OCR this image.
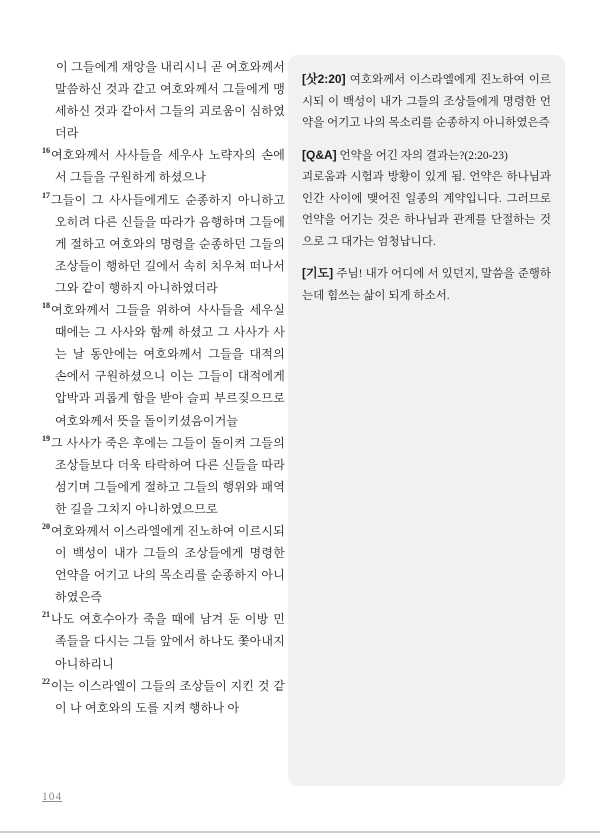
이 그들에게 재앙을 내리시니 곧 여호와께서 말씀하신 것과 같고 여호와께서 그들에게 맹세하신 것과 같아서 그들의 괴로움이 심하였더라

$^{16}$여호와께서 사사들을 세우사 노략자의 손에서 그들을 구원하게 하셨으나

$^{17}$그들이 그 사사들에게도 순종하지 아니하고 오히려 다른 신들을 따라가 음행하며 그들에게 절하고 여호와의 명령을 순종하던 그들의 조상들이 행하던 길에서 속히 치우쳐 떠나서 그와 같이 행하지 아니하였더라

$^{18}$여호와께서 그들을 위하여 사사들을 세우실 때에는 그 사사와 함께 하셨고 그 사사가 사는 날 동안에는 여호와께서 그들을 대적의 손에서 구원하셨으니 이는 그들이 대적에게 압박과 괴롭게 함을 받아 슬피 부르짖으므로 여호와께서 뜻을 돌이키셨음이거늘

$^{19}$그 사사가 죽은 후에는 그들이 돌이켜 그들의 조상들보다 더욱 타락하여 다른 신들을 따라 섬기며 그들에게 절하고 그들의 행위와 패역한 길을 그치지 아니하였으므로

$^{20}$여호와께서 이스라엘에게 진노하여 이르시되 이 백성이 내가 그들의 조상들에게 명령한 언약을 어기고 나의 목소리를 순종하지 아니하였은즉

$^{21}$나도 여호수아가 죽을 때에 남겨 둔 이방 민족들을 다시는 그들 앞에서 하나도 쫓아내지 아니하리니

$^{22}$이는 이스라엘이 그들의 조상들이 지킨 것 같이 나 여호와의 도를 지켜 행하나 아

[삿2:20] 여호와께서 이스라엘에게 진노하여 이르시되 이 백성이 내가 그들의 조상들에게 명령한 언약을 어기고 나의 목소리를 순종하지 아니하였은즉

[Q&A] 언약을 어긴 자의 결과는?(2:20-23)

괴로움과 시험과 방황이 있게 됨. 언약은 하나님과 인간 사이에 맺어진 일종의 계약입니다. 그러므로 언약을 어기는 것은 하나님과 관계를 단절하는 것으로 그 대가는 엄청납니다.

[기도] 주님! 내가 어디에 서 있던지, 말씀을 준행하는데 힘쓰는 삶이 되게 하소서.

104
